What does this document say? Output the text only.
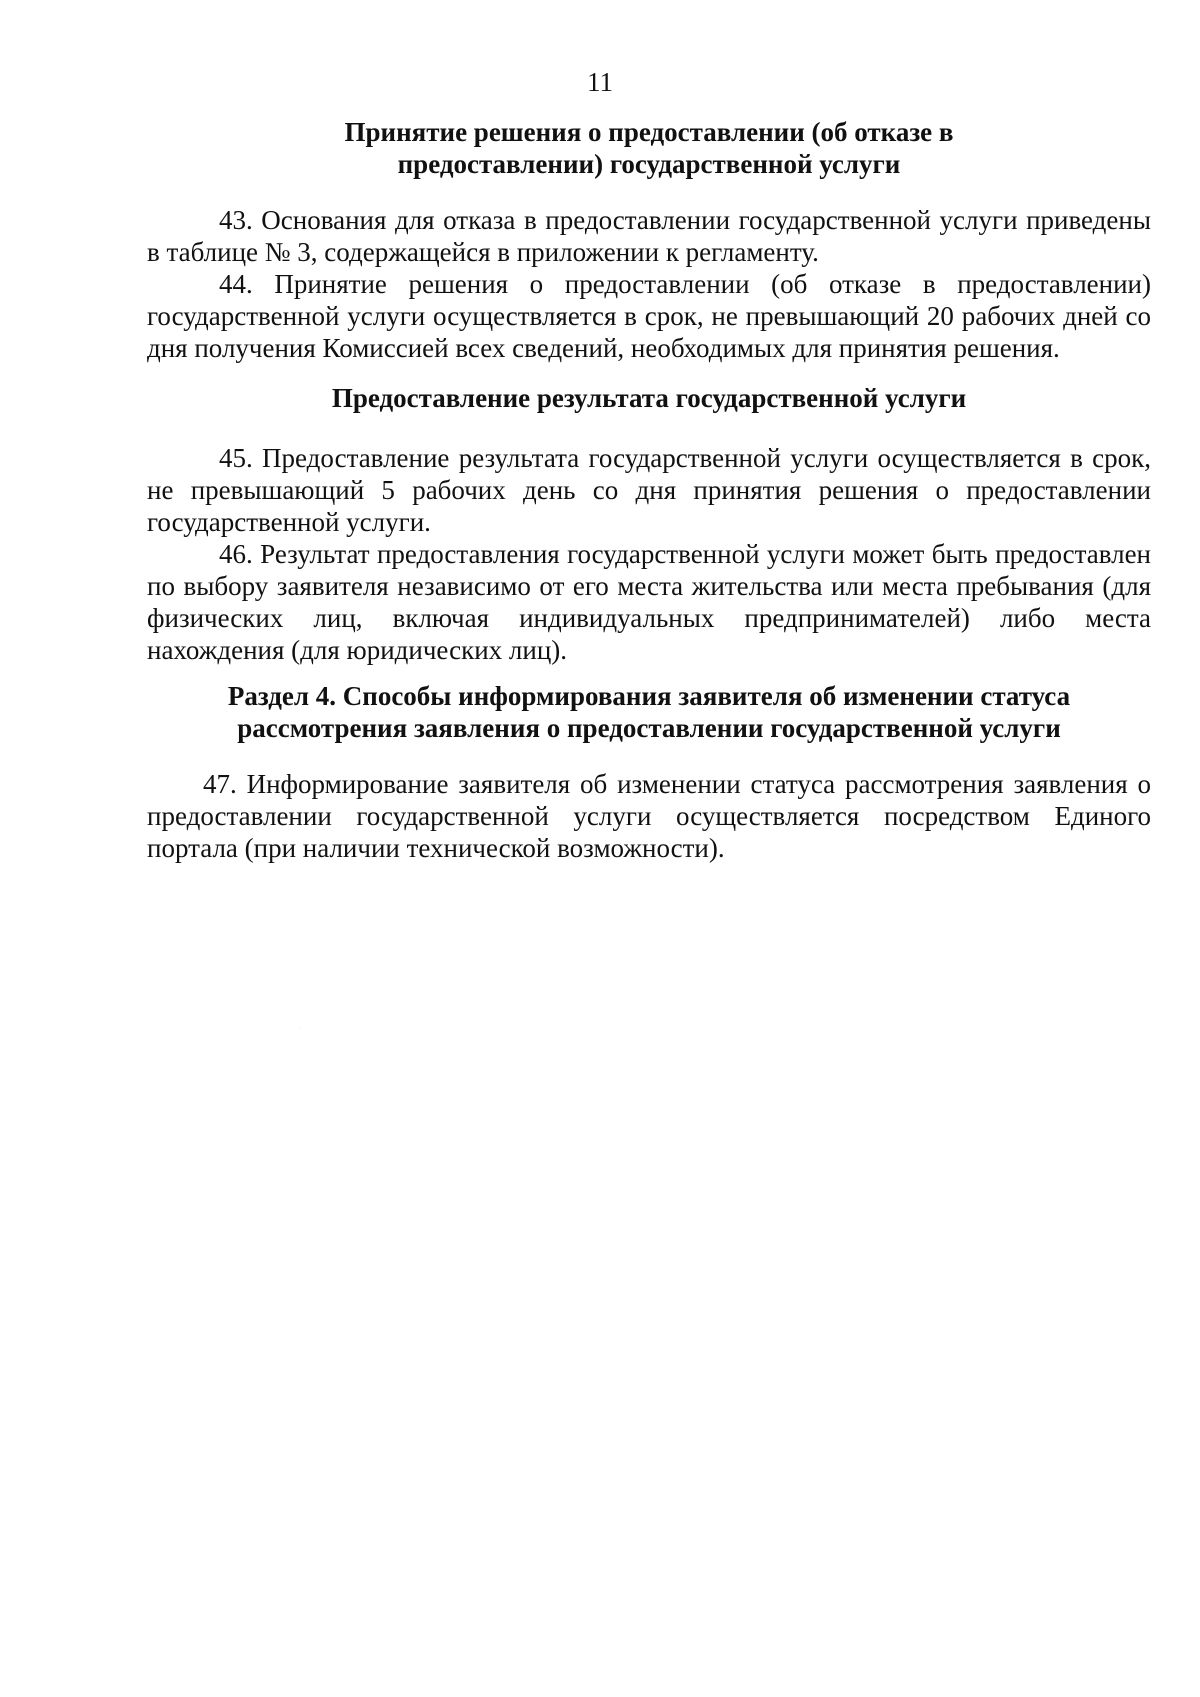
11
Принятие решения о предоставлении (об отказе в предоставлении) государственной услуги

43. Основания для отказа в предоставлении государственной услуги приведены в таблице № 3, содержащейся в приложении к регламенту.

44. Принятие решения о предоставлении (об отказе в предоставлении) государственной услуги осуществляется в срок, не превышающий 20 рабочих дней со дня получения Комиссией всех сведений, необходимых для принятия решения.

Предоставление результата государственной услуги

45. Предоставление результата государственной услуги осуществляется в срок, не превышающий 5 рабочих день со дня принятия решения о предоставлении государственной услуги.

46. Результат предоставления государственной услуги может быть предоставлен по выбору заявителя независимо от его места жительства или места пребывания (для физических лиц, включая индивидуальных предпринимателей) либо места нахождения (для юридических лиц).

Раздел 4. Способы информирования заявителя об изменении статуса рассмотрения заявления о предоставлении государственной услуги

47. Информирование заявителя об изменении статуса рассмотрения заявления о предоставлении государственной услуги осуществляется посредством Единого портала (при наличии технической возможности).
